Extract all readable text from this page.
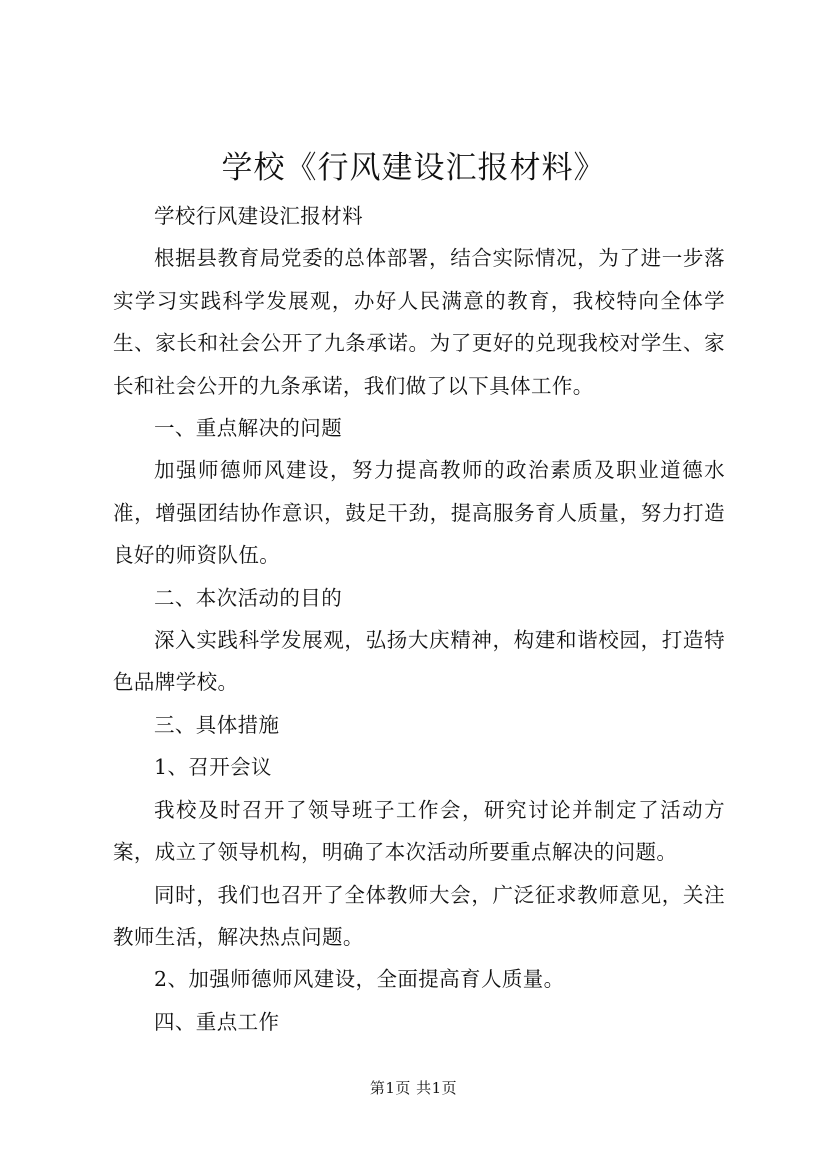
学校《行风建设汇报材料》

学校行风建设汇报材料

根据县教育局党委的总体部署，结合实际情况，为了进一步落实学习实践科学发展观，办好人民满意的教育，我校特向全体学生、家长和社会公开了九条承诺。为了更好的兑现我校对学生、家长和社会公开的九条承诺，我们做了以下具体工作。

一、重点解决的问题

加强师德师风建设，努力提高教师的政治素质及职业道德水准，增强团结协作意识，鼓足干劲，提高服务育人质量，努力打造良好的师资队伍。

二、本次活动的目的

深入实践科学发展观，弘扬大庆精神，构建和谐校园，打造特色品牌学校。

三、具体措施

1、召开会议

我校及时召开了领导班子工作会，研究讨论并制定了活动方案，成立了领导机构，明确了本次活动所要重点解决的问题。

同时，我们也召开了全体教师大会，广泛征求教师意见，关注教师生活，解决热点问题。

2、加强师德师风建设，全面提高育人质量。

四、重点工作

第1页 共1页
